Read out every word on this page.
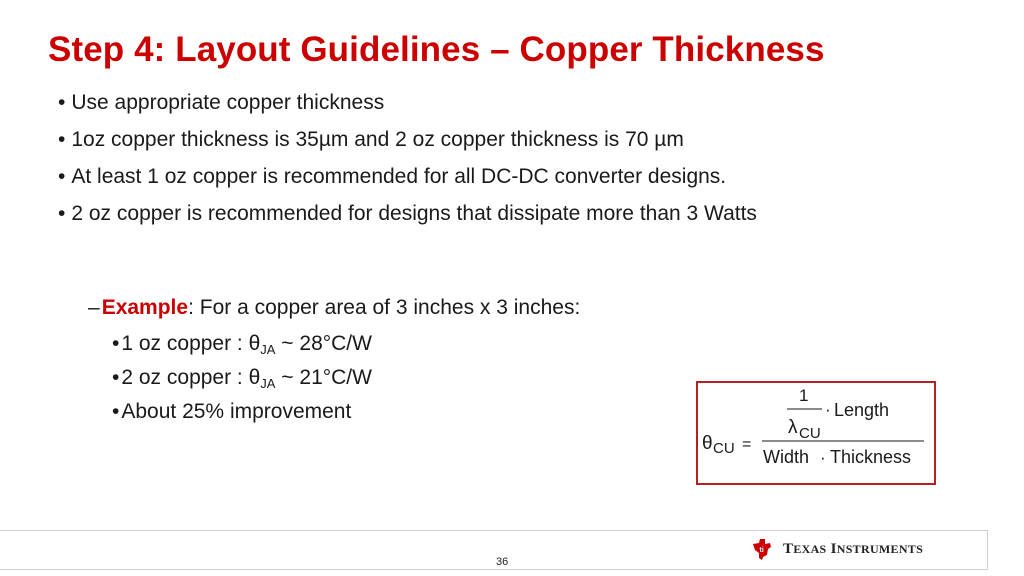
Step 4: Layout Guidelines – Copper Thickness
• Use appropriate copper thickness
• 1oz copper thickness is 35µm and 2 oz copper thickness is 70 µm
• At least 1 oz copper is recommended for all DC-DC converter designs.
• 2 oz copper is recommended for designs that dissipate more than 3 Watts
–Example: For a copper area of 3 inches x 3 inches:
• 1 oz copper : $\theta_{JA}$ ~ 28°C/W
• 2 oz copper : $\theta_{JA}$ ~ 21°C/W
• About 25% improvement
θ CU =
1
· Length
λ CU
Width · Thickness
36
ti TEXAS INSTRUMENTS
